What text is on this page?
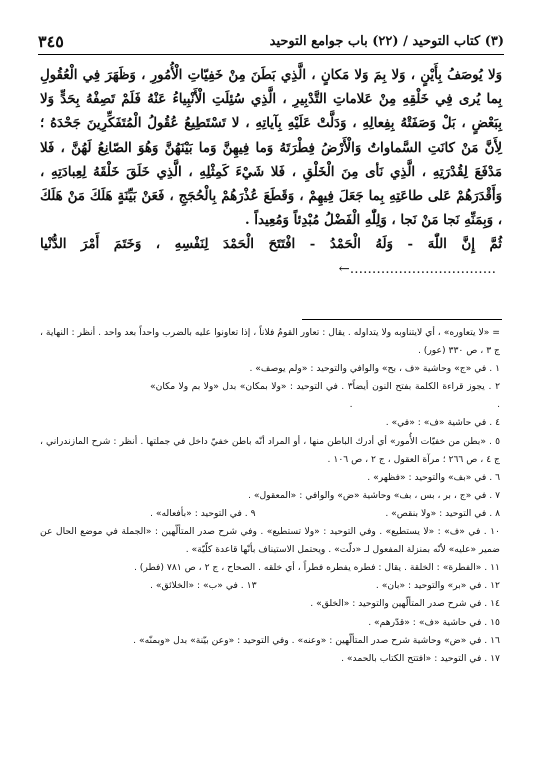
(٣) كتاب التوحيد / (٢٢) باب جوامع التوحيد
٣٤٥

وَلا يُوصَفُ بِأَيْنٍ ، وَلا بِمَ وَلا مَكانٍ ، الَّذِي بَطَنَ مِنْ خَفِيّاتِ الْأُمُورِ ، وَظَهَرَ فِي الْعُقُولِ بِما يُرى فِي خَلْقِهِ مِنْ عَلاماتِ التَّدْبِيرِ ، الَّذِي سُئِلَتِ الْأَنْبِياءُ عَنْهُ فَلَمْ تَصِفْهُ بِحَدٍّ وَلا بِبَعْضٍ ، بَلْ وَصَفَتْهُ بِفِعالِهِ ، وَدَلَّتْ عَلَيْهِ بِآياتِهِ ، لا تَسْتَطِيعُ عُقُولُ الْمُتَفَكِّرِينَ جَحْدَهُ ؛ لِأَنَّ مَنْ كانَتِ السَّماواتُ وَالْأَرْضُ فِطْرَتَهُ وَما فِيهِنَّ وَما بَيْنَهُنَّ وَهُوَ الصّانِعُ لَهُنَّ ، فَلا مَدْفَعَ لِقُدْرَتِهِ ، الَّذِي نَأى مِنَ الْخَلْقِ ، فَلا شَيْءَ كَمِثْلِهِ ، الَّذِي خَلَقَ خَلْقَهُ لِعِبادَتِهِ ، وَأَقْدَرَهُمْ عَلى طاعَتِهِ بِما جَعَلَ فِيهِمْ ، وَقَطَعَ عُذْرَهُمْ بِالْحُجَجِ ، فَعَنْ بَيِّنَةٍ هَلَكَ مَنْ هَلَكَ ، وَبِمَنِّهِ نَجا مَنْ نَجا ، وَلِلّٰهِ الْفَضْلُ مُبْدِئاً وَمُعِيداً .

ثُمَّ إِنَّ اللّٰهَ - وَلَهُ الْحَمْدُ - افْتَتَحَ الْحَمْدَ لِنَفْسِهِ ، وَخَتَمَ أَمْرَ الدُّنْيا ……………………………←

= «لا يتعاوره» ، أي لايتناوبه ولا يتداوله . يقال : تعاور القومُ فلاناً ، إذا تعاونوا عليه بالضرب واحداً بعد واحد . أنظر : النهاية ، ج ٣ ، ص ٣٣٠ (عور) .

١ . في «ج» وحاشية «ف ، بح» والوافي والتوحيد : «ولم يوصف» .

٢ . يجوز قراءة الكلمة بفتح النون أيضاً .
٣ . في التوحيد : «ولا بمكان» بدل «ولا بم ولا مكان» .

٤ . في حاشية «ف» : «في» .

٥ . «بطن من خفيّات الأُمور» أي أدرك الباطن منها ، أو المراد أنّه باطن خفيّ داخل في جملتها . أنظر : شرح المازندراني ، ج ٤ ، ص ٢٦٦ ؛ مرآة العقول ، ج ٢ ، ص ١٠٦ .

٦ . في «بف» والتوحيد : «فظهر» .

٧ . في «ج ، بر ، بس ، بف» وحاشية «ض» والوافي : «المعقول» .

٨ . في التوحيد : «ولا بنقص» .
٩ . في التوحيد : «بأفعاله» .

١٠ . في «ف» : «لا يستطيع» . وفي التوحيد : «ولا تستطيع» . وفي شرح صدر المتألّهين : «الجملة في موضع الحال عن ضمير «عليه» لأنّه بمنزلة المفعول لـ «دلّت» . ويحتمل الاستيناف بأنّها قاعدة كلّيّة» .

١١ . «الفطرة» : الخلقة . يقال : فطره يفطره فطراً ، أي خلقه . الصحاح ، ج ٢ ، ص ٧٨١ (فطر) .

١٢ . في «بر» والتوحيد : «بان» .
١٣ . في «ب» : «الخلائق» .

١٤ . في شرح صدر المتألّهين والتوحيد : «الخلق» .

١٥ . في حاشية «ف» : «قدّرهم» .

١٦ . في «ض» وحاشية شرح صدر المتألّهين : «وعنه» . وفي التوحيد : «وعن بيّنة» بدل «وبمنّه» .

١٧ . في التوحيد : «افتتح الكتاب بالحمد» .
